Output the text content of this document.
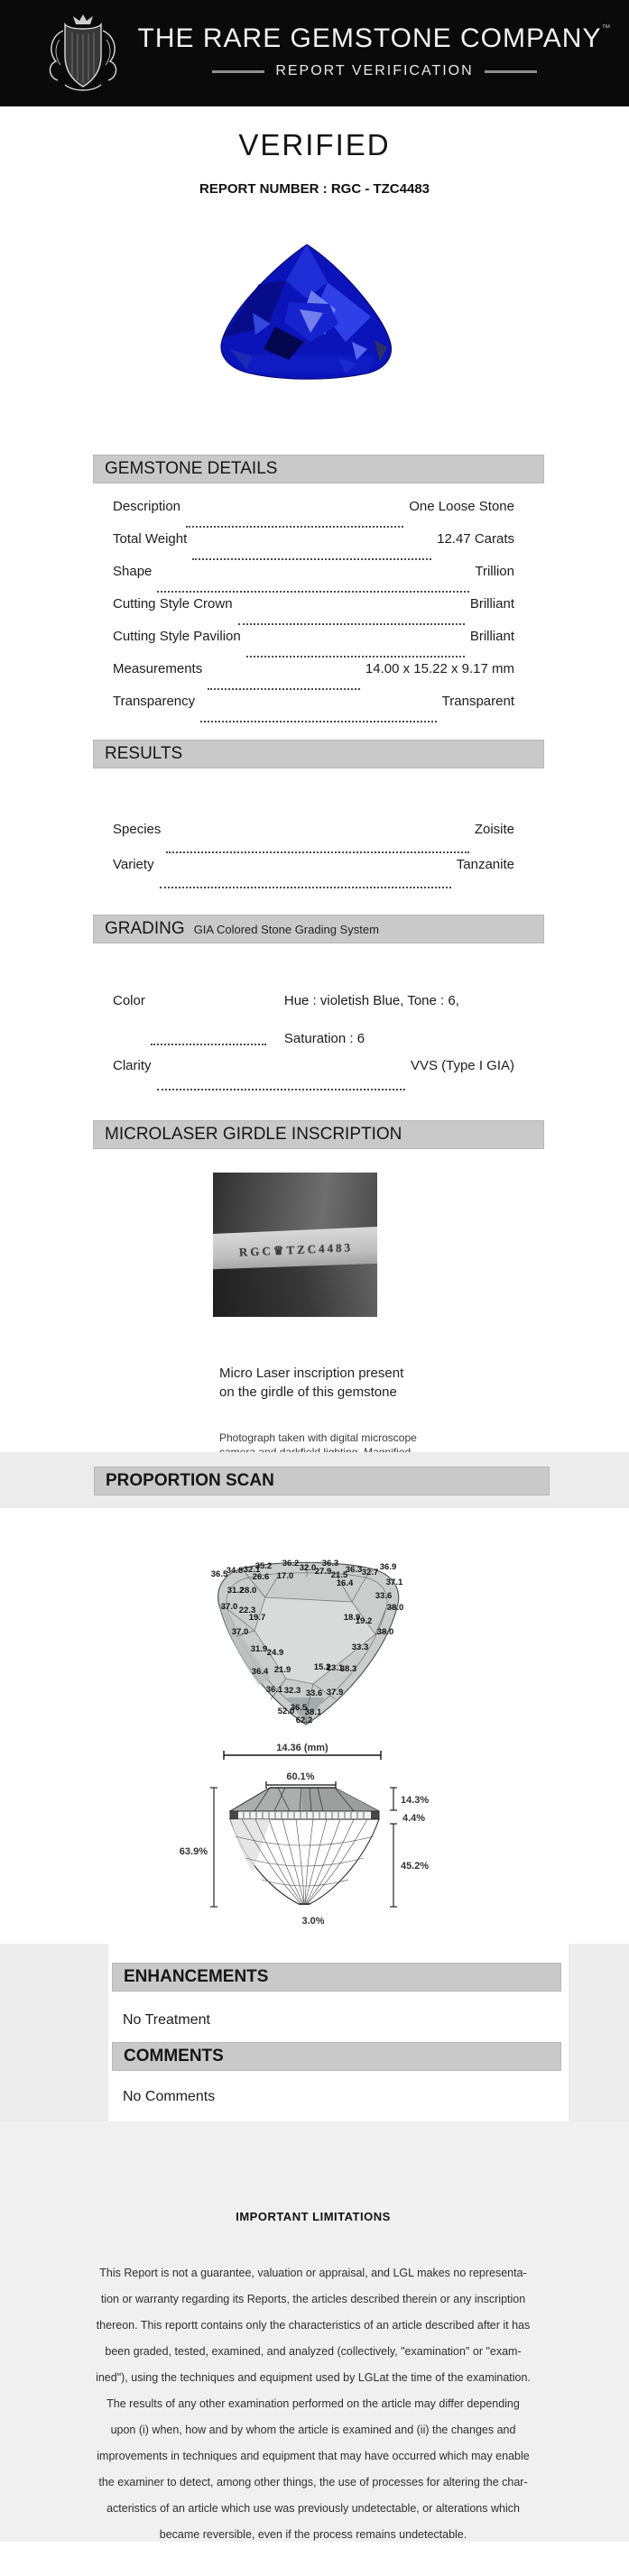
THE RARE GEMSTONE COMPANY™
REPORT VERIFICATION
VERIFIED
REPORT NUMBER : RGC - TZC4483
GEMSTONE DETAILS
Description	One Loose Stone
Total Weight	12.47 Carats
Shape	Trillion
Cutting Style Crown	Brilliant
Cutting Style Pavilion	Brilliant
Measurements	14.00 x 15.22 x 9.17 mm
Transparency	Transparent
RESULTS
Species	Zoisite
Variety	Tanzanite
GRADING GIA Colored Stone Grading System
Color	Hue : violetish Blue, Tone : 6,
Saturation : 6
Clarity	VVS (Type I GIA)
MICROLASER GIRDLE INSCRIPTION
RGC♛TZC4483
Micro Laser inscription present
on the girdle of this gemstone
Photograph taken with digital microscope
PROPORTION SCAN
35.2 36.2	36.3
36.3
34.8 32.1	32.0
27.9 21.5 32.7
36.9
36.5	26.6 17.0
16.4	37.1
31.2
28.0
33.6
37.0 22.3	38.0
19.7	18.9
19.2
37.0	38.0
31.9 24.9
33.3
36.4 21.9	15.2
23.1
38.3
36.1 32.3 33.6 37.9
52.0
36.5
38.1
62.2
14.36 (mm)
60.1%
63.9%
14.3%
4.4%
45.2%
3.0%
ENHANCEMENTS
No Treatment
COMMENTS
No Comments
IMPORTANT LIMITATIONS
This Report is not a guarantee, valuation or appraisal, and LGL makes no representa-
tion or warranty regarding its Reports, the articles described therein or any inscription
thereon. This reportt contains only the characteristics of an article described after it has
been graded, tested, examined, and analyzed (collectively, "examination" or "exam-
ined"), using the techniques and equipment used by LGLat the time of the examination.
The results of any other examination performed on the article may differ depending
upon (i) when, how and by whom the article is examined and (ii) the changes and
improvements in techniques and equipment that may have occurred which may enable
the examiner to detect, among other things, the use of processes for altering the char-
acteristics of an article which use was previously undetectable, or alterations which
became reversible, even if the process remains undetectable.
